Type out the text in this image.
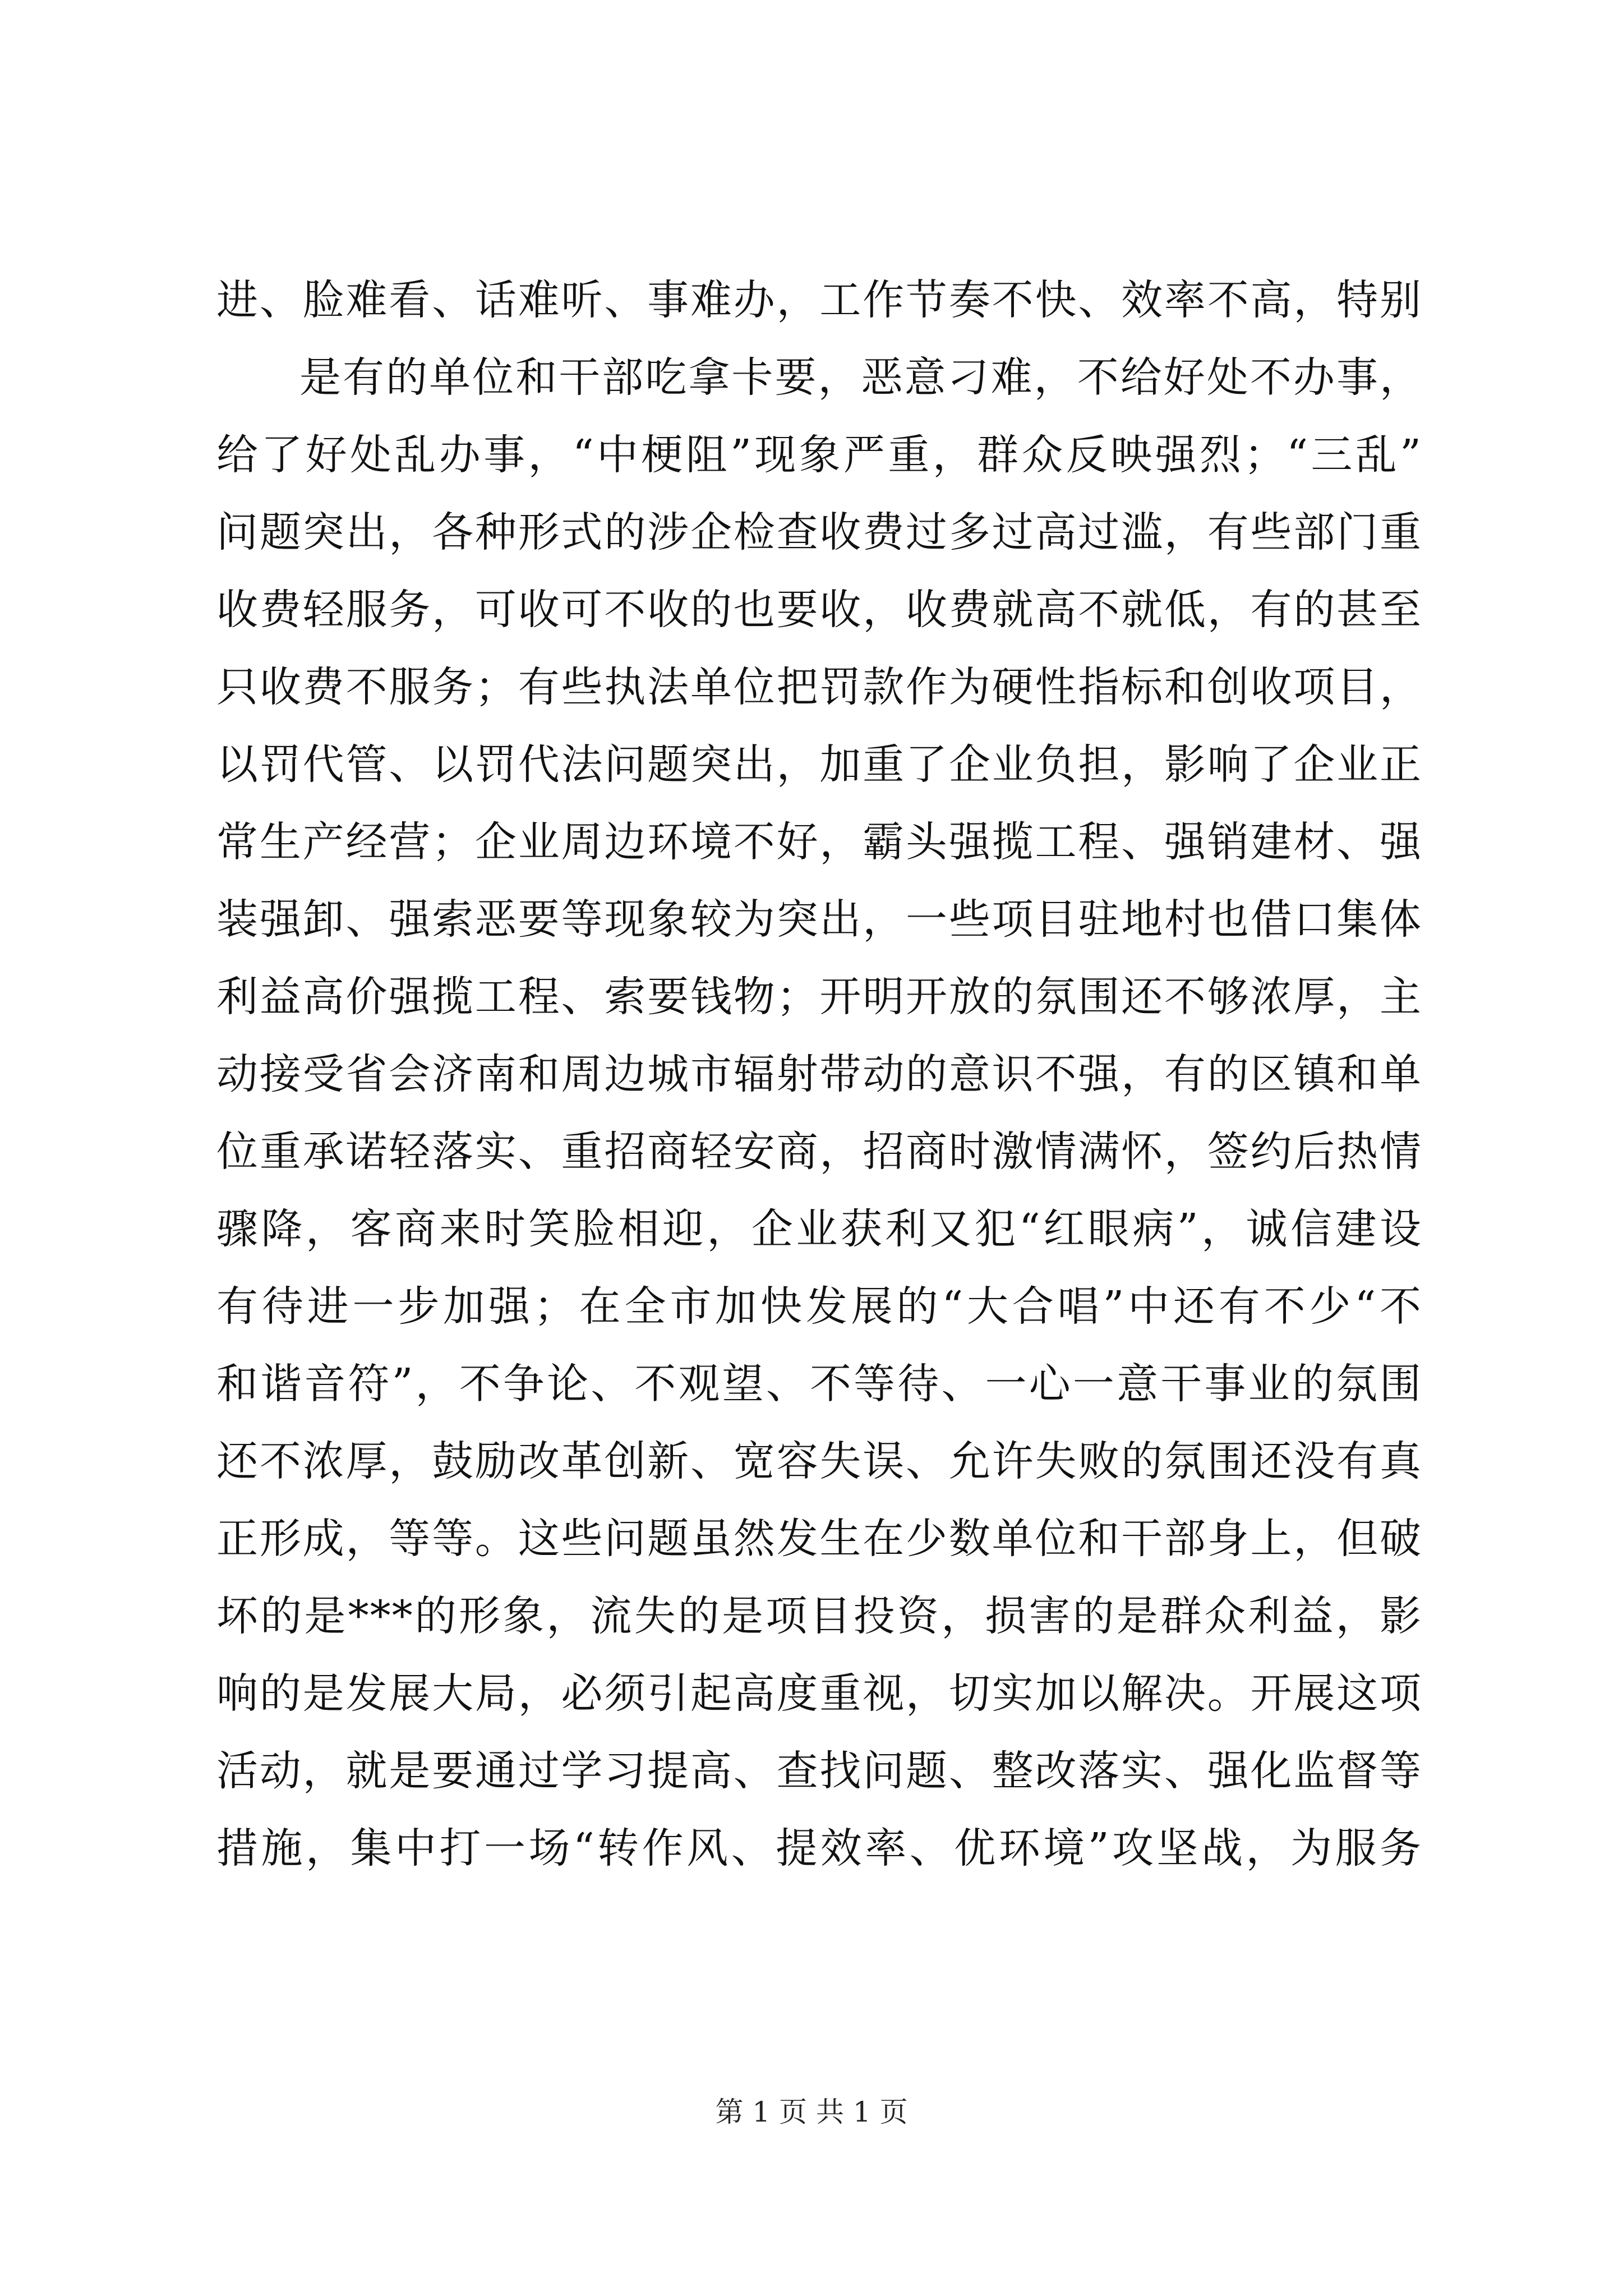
进、脸难看、话难听、事难办，工作节奏不快、效率不高，特别
是有的单位和干部吃拿卡要，恶意刁难，不给好处不办事，
给了好处乱办事，“中梗阻”现象严重，群众反映强烈；“三乱”
问题突出，各种形式的涉企检查收费过多过高过滥，有些部门重
收费轻服务，可收可不收的也要收，收费就高不就低，有的甚至
只收费不服务；有些执法单位把罚款作为硬性指标和创收项目，
以罚代管、以罚代法问题突出，加重了企业负担，影响了企业正
常生产经营；企业周边环境不好，霸头强揽工程、强销建材、强
装强卸、强索恶要等现象较为突出，一些项目驻地村也借口集体
利益高价强揽工程、索要钱物；开明开放的氛围还不够浓厚，主
动接受省会济南和周边城市辐射带动的意识不强，有的区镇和单
位重承诺轻落实、重招商轻安商，招商时激情满怀，签约后热情
骤降，客商来时笑脸相迎，企业获利又犯“红眼病”，诚信建设
有待进一步加强；在全市加快发展的“大合唱”中还有不少“不
和谐音符”，不争论、不观望、不等待、一心一意干事业的氛围
还不浓厚，鼓励改革创新、宽容失误、允许失败的氛围还没有真
正形成，等等。这些问题虽然发生在少数单位和干部身上，但破
坏的是***的形象，流失的是项目投资，损害的是群众利益，影
响的是发展大局，必须引起高度重视，切实加以解决。开展这项
活动，就是要通过学习提高、查找问题、整改落实、强化监督等
措施，集中打一场“转作风、提效率、优环境”攻坚战，为服务
第 1 页 共 1 页
